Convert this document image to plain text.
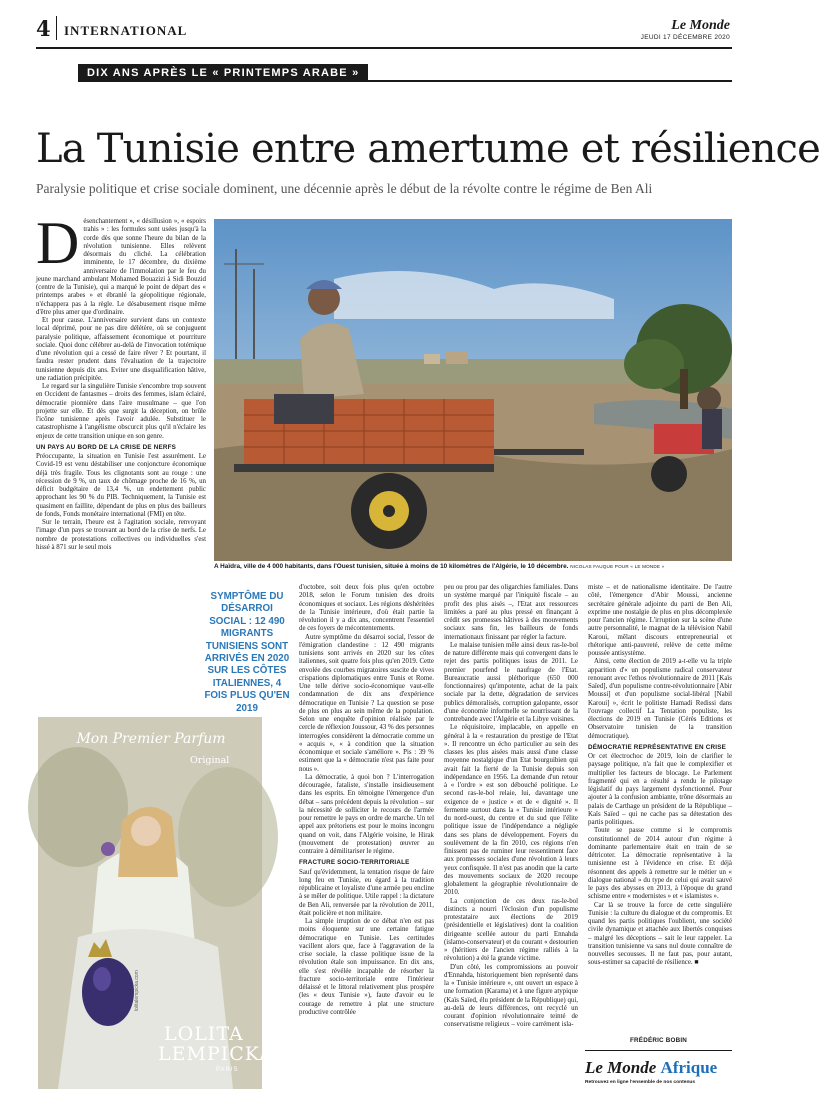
4 INTERNATIONAL	Le Monde
JEUDI 17 DÉCEMBRE 2020
DIX ANS APRÈS LE « PRINTEMPS ARABE »
La Tunisie entre amertume et résilience
Paralysie politique et crise sociale dominent, une décennie après le début de la révolte contre le régime de Ben Ali
D ésenchantement », « désillusion », « espoirs trahis » : les formules sont usées jusqu'à la corde dès que sonne l'heure du bilan de la révolution tunisienne. Elles relèvent désormais du cliché. La célébration imminente, le 17 décembre, du dixième anniversaire de l'immolation par le feu du jeune marchand ambulant Mohamed Bouazizi à Sidi Bouzid (centre de la Tunisie), qui a marqué le point de départ des « printemps arabes » et ébranlé la géopolitique régionale, n'échappera pas à la règle. Le désabusement risque même d'être plus amer que d'ordinaire.

Et pour cause. L'anniversaire survient dans un contexte local déprimé, pour ne pas dire délétère, où se conjuguent paralysie politique, affaissement économique et pourriture sociale. Quoi donc célébrer au-delà de l'invocation totémique d'une révolution qui a cessé de faire rêver ? Et pourtant, il faudra rester prudent dans l'évaluation de la trajectoire tunisienne depuis dix ans. Eviter une disqualification hâtive, une radiation précipitée.

Le regard sur la singulière Tunisie s'encombre trop souvent en Occident de fantasmes – droits des femmes, islam éclairé, démocratie pionnière dans l'aire musulmane – que l'on projette sur elle. Et dès que surgit la déception, on brûle l'icône tunisienne après l'avoir adulée. Substituer le catastrophisme à l'angélisme obscurcit plus qu'il n'éclaire les enjeux de cette transition unique en son genre.

UN PAYS AU BORD DE LA CRISE DE NERFS

Préoccupante, la situation en Tunisie l'est assurément. Le Covid-19 est venu déstabiliser une conjoncture économique déjà très fragile. Tous les clignotants sont au rouge : une récession de 9 %, un taux de chômage proche de 16 %, un déficit budgétaire de 13,4 %, un endettement public approchant les 90 % du PIB. Techniquement, la Tunisie est quasiment en faillite, dépendant de plus en plus des bailleurs de fonds, Fonds monétaire international (FMI) en tête.

Sur le terrain, l'heure est à l'agitation sociale, renvoyant l'image d'un pays se trouvant au bord de la crise de nerfs. Le nombre de protestations collectives ou individuelles s'est hissé à 871 sur le seul mois

A Haïdra, ville de 4 000 habitants, dans l'Ouest tunisien, située à moins de 10 kilomètres de l'Algérie, le 10 décembre. NICOLAS FAUQUE POUR « LE MONDE »
SYMPTÔME DU DÉSARROI SOCIAL : 12 490 MIGRANTS TUNISIENS SONT ARRIVÉS EN 2020 SUR LES CÔTES ITALIENNES, 4 FOIS PLUS QU'EN 2019
Mon Premier Parfum
Original
LOLITA
LEMPICKA
PARIS
lolitalempicka.com

d'octobre, soit deux fois plus qu'en octobre 2018, selon le Forum tunisien des droits économiques et sociaux. Les régions déshéritées de la Tunisie intérieure, d'où était partie la révolution il y a dix ans, concentrent l'essentiel de ces foyers de mécontentements.

Autre symptôme du désarroi social, l'essor de l'émigration clandestine : 12 490 migrants tunisiens sont arrivés en 2020 sur les côtes italiennes, soit quatre fois plus qu'en 2019. Cette envolée des courbes migratoires suscite de vives crispations diplomatiques entre Tunis et Rome. Une telle dérive socio-économique vaut-elle condamnation de dix ans d'expérience démocratique en Tunisie ? La question se pose de plus en plus au sein même de la population. Selon une enquête d'opinion réalisée par le cercle de réflexion Joussour, 43 % des personnes interrogées considèrent la démocratie comme un « acquis », « à condition que la situation économique et sociale s'améliore ». Pis : 39 % estiment que la « démocratie n'est pas faite pour nous ».

La démocratie, à quoi bon ? L'interrogation découragée, fataliste, s'installe insidieusement dans les esprits. En témoigne l'émergence d'un débat – sans précédent depuis la révolution – sur la nécessité de solliciter le recours de l'armée pour remettre le pays en ordre de marche. Un tel appel aux prétoriens est pour le moins incongru quand on voit, dans l'Algérie voisine, le Hirak (mouvement de protestation) œuvrer au contraire à démilitariser le régime.

FRACTURE SOCIO-TERRITORIALE

Sauf qu'évidemment, la tentation risque de faire long feu en Tunisie, eu égard à la tradition républicaine et loyaliste d'une armée peu encline à se mêler de politique. Utile rappel : la dictature de Ben Ali, renversée par la révolution de 2011, était policière et non militaire.

La simple irruption de ce débat n'en est pas moins éloquente sur une certaine fatigue démocratique en Tunisie. Les certitudes vacillent alors que, face à l'aggravation de la crise sociale, la classe politique issue de la révolution étale son impuissance. En dix ans, elle s'est révélée incapable de résorber la fracture socio-territoriale entre l'intérieur délaissé et le littoral relativement plus prospère (les « deux Tunisie »), faute d'avoir eu le courage de remettre à plat une structure productive contrôlée

peu ou prou par des oligarchies familiales. Dans un système marqué par l'iniquité fiscale – au profit des plus aisés –, l'Etat aux ressources limitées a paré au plus pressé en finançant à crédit ses promesses hâtives à des mouvements sociaux sans fin, les bailleurs de fonds internationaux finissant par régler la facture.

Le malaise tunisien mêle ainsi deux ras-le-bol de nature différente mais qui convergent dans le rejet des partis politiques issus de 2011. Le premier pourfend le naufrage de l'Etat. Bureaucratie aussi pléthorique (650 000 fonctionnaires) qu'impotente, achat de la paix sociale par la dette, dégradation de services publics démoralisés, corruption galopante, essor d'une économie informelle se nourrissant de la contrebande avec l'Algérie et la Libye voisines.

Le réquisitoire, implacable, en appelle en général à la « restauration du prestige de l'Etat ». Il rencontre un écho particulier au sein des classes les plus aisées mais aussi d'une classe moyenne nostalgique d'un Etat bourguibien qui avait fait la fierté de la Tunisie depuis son indépendance en 1956. La demande d'un retour à « l'ordre » est son débouché politique. Le second ras-le-bol relaie, lui, davantage une exigence de « justice » et de « dignité ». Il fermente surtout dans la « Tunisie intérieure » du nord-ouest, du centre et du sud que l'élite politique issue de l'indépendance a négligée dans ses plans de développement. Foyers du soulèvement de la fin 2010, ces régions n'en finissent pas de ruminer leur ressentiment face aux promesses sociales d'une révolution à leurs yeux confisquée. Il n'est pas anodin que la carte des mouvements sociaux de 2020 recoupe globalement la géographie révolutionnaire de 2010.

La conjonction de ces deux ras-le-bol distincts a nourri l'éclosion d'un populisme protestataire aux élections de 2019 (présidentielle et législatives) dont la coalition dirigeante scellée autour du parti Ennahda (islamo-conservateur) et du courant « destourien » (héritiers de l'ancien régime ralliés à la révolution) a été la grande victime.

D'un côté, les compromissions au pouvoir d'Ennahda, historiquement bien représenté dans la « Tunisie intérieure », ont ouvert un espace à une formation (Karama) et à une figure atypique (Kaïs Saïed, élu président de la République) qui, au-delà de leurs différences, ont recyclé un courant d'opinion révolutionnaire teinté de conservatisme religieux – voire carrément isla-

miste – et de nationalisme identitaire. De l'autre côté, l'émergence d'Abir Moussi, ancienne secrétaire générale adjointe du parti de Ben Ali, exprime une nostalgie de plus en plus décomplexée pour l'ancien régime. L'irruption sur la scène d'une autre personnalité, le magnat de la télévision Nabil Karoui, mêlant discours entrepreneurial et rhétorique anti-pauvreté, relève de cette même poussée antisystème.

Ainsi, cette élection de 2019 a-t-elle vu la triple apparition d'« un populisme radical conservateur renouant avec l'ethos révolutionnaire de 2011 [Kaïs Saïed], d'un populisme contre-révolutionnaire [Abir Moussi] et d'un populisme social-libéral [Nabil Karoui] », écrit le politiste Hamadi Redissi dans l'ouvrage collectif La Tentation populiste, les élections de 2019 en Tunisie (Cérès Editions et Observatoire tunisien de la transition démocratique).

DÉMOCRATIE REPRÉSENTATIVE EN CRISE

Or cet électrochoc de 2019, loin de clarifier le paysage politique, n'a fait que le complexifier et multiplier les facteurs de blocage. Le Parlement fragmenté qui en a résulté a rendu le pilotage législatif du pays largement dysfonctionnel. Pour ajouter à la confusion ambiante, trône désormais au palais de Carthage un président de la République – Kaïs Saïed – qui ne cache pas sa détestation des partis politiques.

Toute se passe comme si le compromis constitutionnel de 2014 autour d'un régime à dominante parlementaire était en train de se détricoter. La démocratie représentative à la tunisienne est à l'évidence en crise. Et déjà résonnent des appels à remettre sur le métier un « dialogue national » du type de celui qui avait sauvé le pays des abysses en 2013, à l'époque du grand schisme entre « modernistes » et « islamistes ».

Car là se trouve la force de cette singulière Tunisie : la culture du dialogue et du compromis. Et quand les partis politiques l'oublient, une société civile dynamique et attachée aux libertés conquises – malgré les déceptions – sait le leur rappeler. La transition tunisienne va sans nul doute connaître de nouvelles secousses. Il ne faut pas, pour autant, sous-estimer sa capacité de résilience. ■

FRÉDÉRIC BOBIN
Le Monde Afrique
Retrouvez en ligne l'ensemble de nos contenus
